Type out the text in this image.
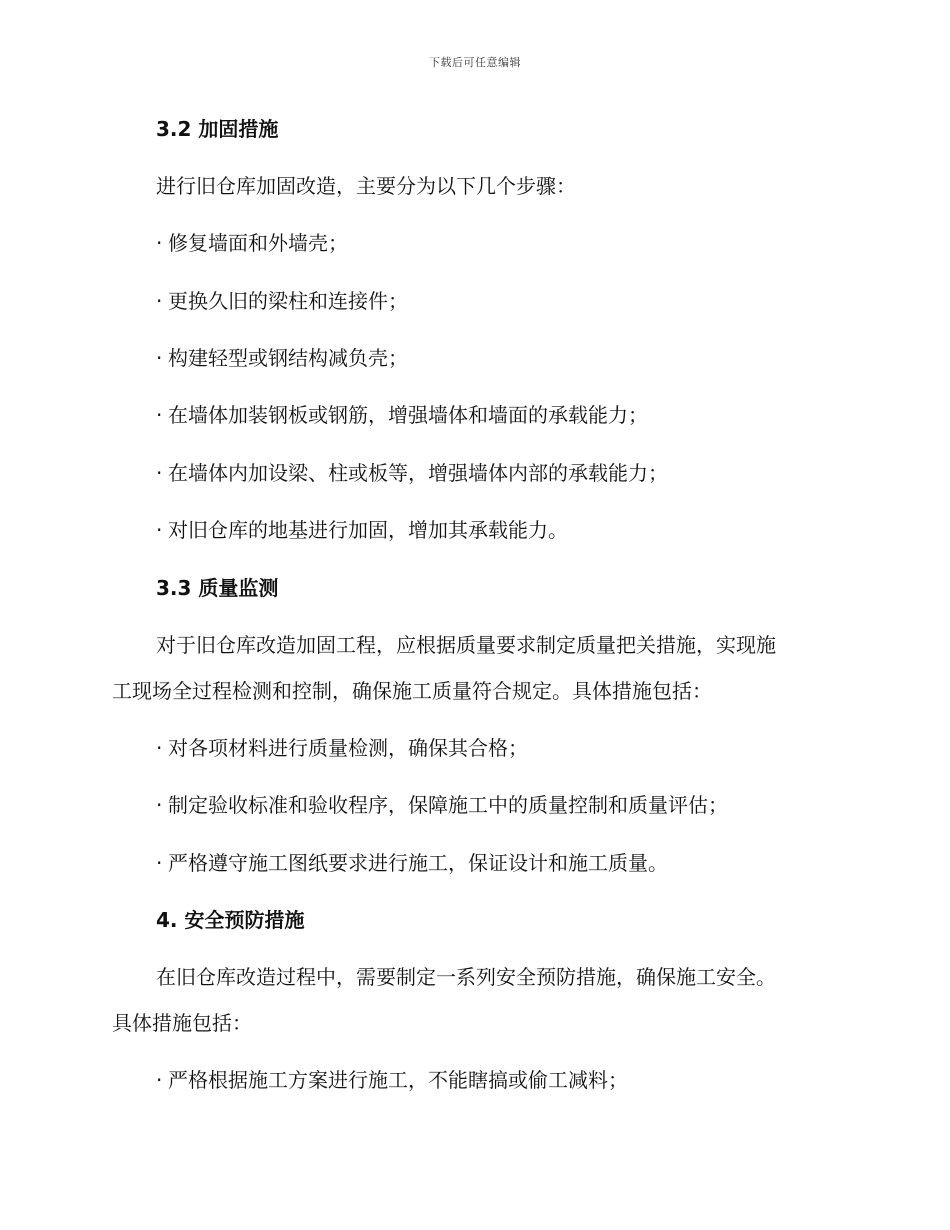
下载后可任意编辑
3.2 加固措施
进行旧仓库加固改造，主要分为以下几个步骤：
· 修复墙面和外墙壳；
· 更换久旧的梁柱和连接件；
· 构建轻型或钢结构减负壳；
· 在墙体加装钢板或钢筋，增强墙体和墙面的承载能力；
· 在墙体内加设梁、柱或板等，增强墙体内部的承载能力；
· 对旧仓库的地基进行加固，增加其承载能力。
3.3 质量监测
对于旧仓库改造加固工程，应根据质量要求制定质量把关措施，实现施
工现场全过程检测和控制，确保施工质量符合规定。具体措施包括：
· 对各项材料进行质量检测，确保其合格；
· 制定验收标准和验收程序，保障施工中的质量控制和质量评估；
· 严格遵守施工图纸要求进行施工，保证设计和施工质量。
4. 安全预防措施
在旧仓库改造过程中，需要制定一系列安全预防措施，确保施工安全。
具体措施包括：
· 严格根据施工方案进行施工，不能瞎搞或偷工减料；
